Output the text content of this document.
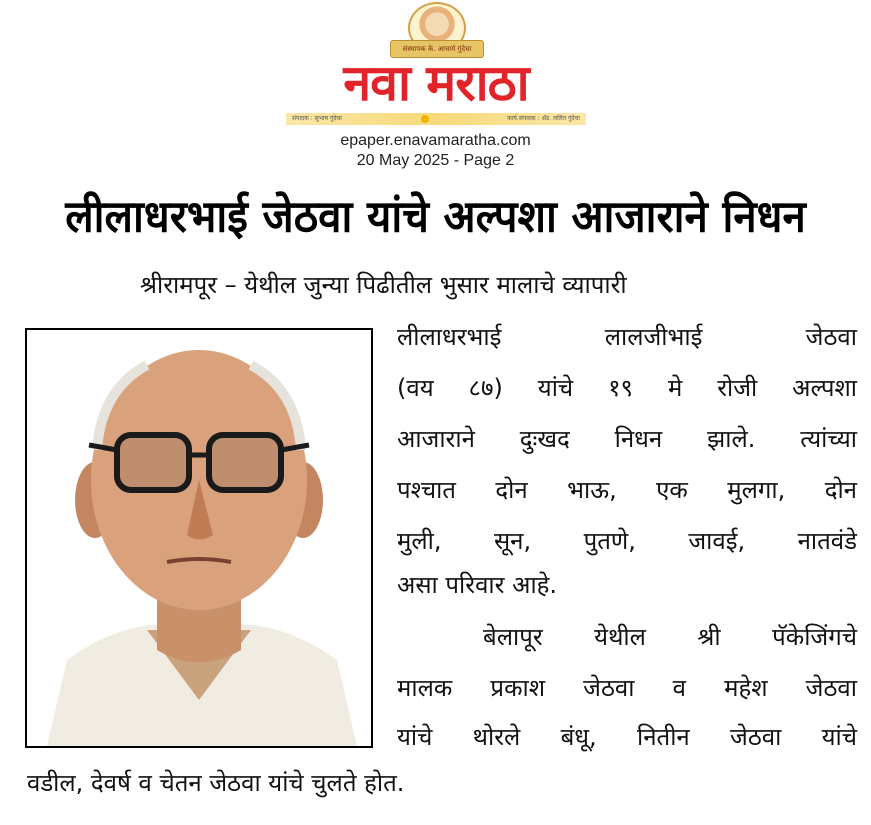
संस्थापक के. आचार्य गुंदेचा
नवा मराठा
संपादक : सुभाष गुंदेचा	कार्य.संपादक : ॲड. ललित गुंदेचा
epaper.enavamaratha.com
20 May 2025 - Page 2
लीलाधरभाई जेठवा यांचे अल्पशा आजाराने निधन
श्रीरामपूर – येथील जुन्या पिढीतील भुसार मालाचे व्यापारी
लीलाधरभाई लालजीभाई जेठवा
(वय ८७) यांचे १९ मे रोजी अल्पशा
आजाराने दुःखद निधन झाले. त्यांच्या
पश्चात दोन भाऊ, एक मुलगा, दोन
मुली, सून, पुतणे, जावई, नातवंडे
असा परिवार आहे.
बेलापूर येथील श्री पॅकेजिंगचे
मालक प्रकाश जेठवा व महेश जेठवा
यांचे थोरले बंधू, नितीन जेठवा यांचे
वडील, देवर्ष व चेतन जेठवा यांचे चुलते होत.
